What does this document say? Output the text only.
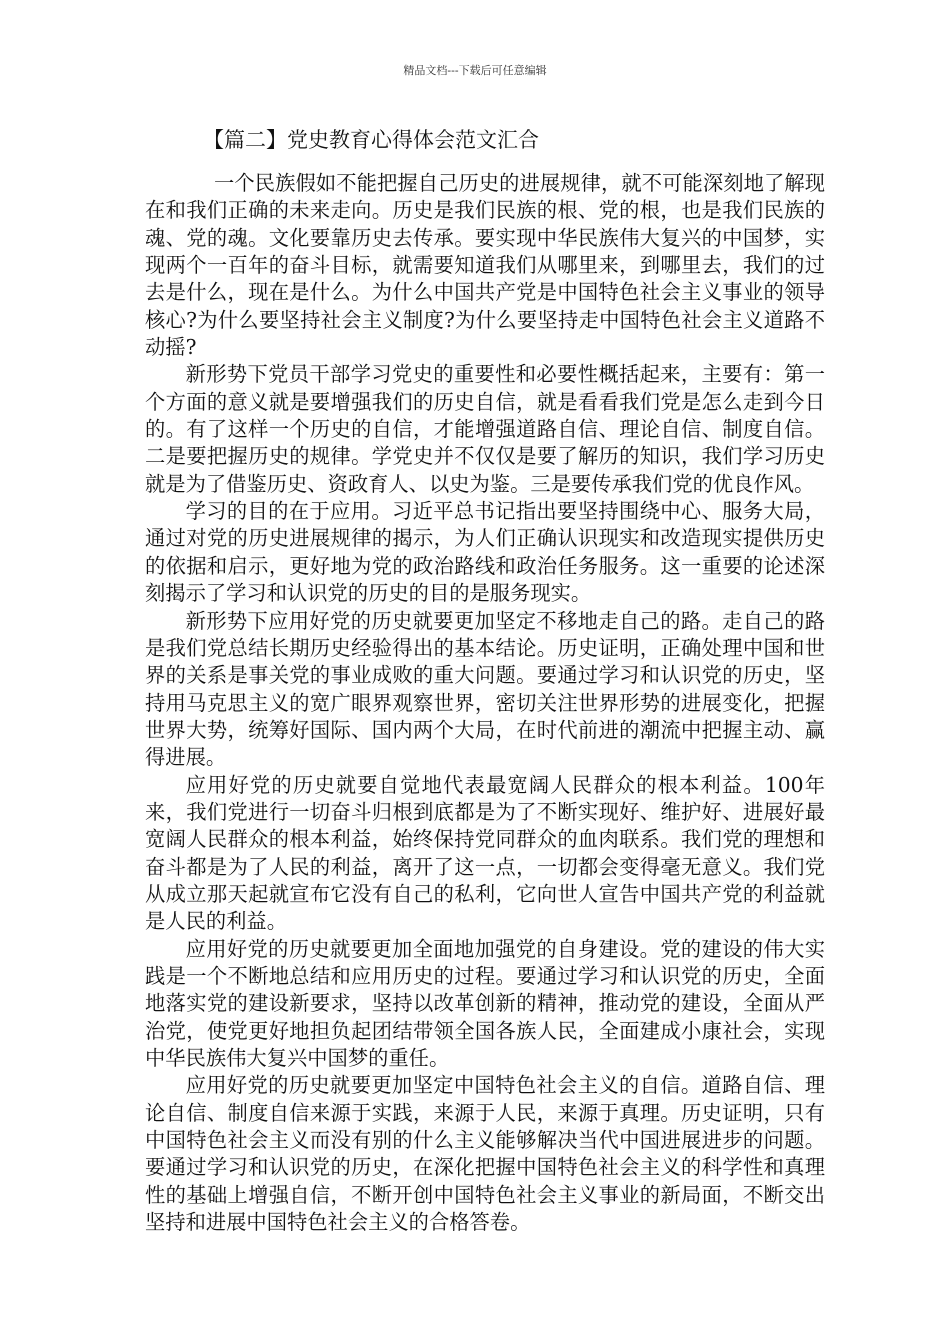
精品文档---下载后可任意编辑
【篇二】党史教育心得体会范文汇合

一个民族假如不能把握自己历史的进展规律，就不可能深刻地了解现在和我们正确的未来走向。历史是我们民族的根、党的根，也是我们民族的魂、党的魂。文化要靠历史去传承。要实现中华民族伟大复兴的中国梦，实现两个一百年的奋斗目标，就需要知道我们从哪里来，到哪里去，我们的过去是什么，现在是什么。为什么中国共产党是中国特色社会主义事业的领导核心?为什么要坚持社会主义制度?为什么要坚持走中国特色社会主义道路不动摇?

新形势下党员干部学习党史的重要性和必要性概括起来，主要有：第一个方面的意义就是要增强我们的历史自信，就是看看我们党是怎么走到今日的。有了这样一个历史的自信，才能增强道路自信、理论自信、制度自信。二是要把握历史的规律。学党史并不仅仅是要了解历的知识，我们学习历史就是为了借鉴历史、资政育人、以史为鉴。三是要传承我们党的优良作风。

学习的目的在于应用。习近平总书记指出要坚持围绕中心、服务大局，通过对党的历史进展规律的揭示，为人们正确认识现实和改造现实提供历史的依据和启示，更好地为党的政治路线和政治任务服务。这一重要的论述深刻揭示了学习和认识党的历史的目的是服务现实。

新形势下应用好党的历史就要更加坚定不移地走自己的路。走自己的路是我们党总结长期历史经验得出的基本结论。历史证明，正确处理中国和世界的关系是事关党的事业成败的重大问题。要通过学习和认识党的历史，坚持用马克思主义的宽广眼界观察世界，密切关注世界形势的进展变化，把握世界大势，统筹好国际、国内两个大局，在时代前进的潮流中把握主动、赢得进展。

应用好党的历史就要自觉地代表最宽阔人民群众的根本利益。100年来，我们党进行一切奋斗归根到底都是为了不断实现好、维护好、进展好最宽阔人民群众的根本利益，始终保持党同群众的血肉联系。我们党的理想和奋斗都是为了人民的利益，离开了这一点，一切都会变得毫无意义。我们党从成立那天起就宣布它没有自己的私利，它向世人宣告中国共产党的利益就是人民的利益。

应用好党的历史就要更加全面地加强党的自身建设。党的建设的伟大实践是一个不断地总结和应用历史的过程。要通过学习和认识党的历史，全面地落实党的建设新要求，坚持以改革创新的精神，推动党的建设，全面从严治党，使党更好地担负起团结带领全国各族人民，全面建成小康社会，实现中华民族伟大复兴中国梦的重任。

应用好党的历史就要更加坚定中国特色社会主义的自信。道路自信、理论自信、制度自信来源于实践，来源于人民，来源于真理。历史证明，只有中国特色社会主义而没有别的什么主义能够解决当代中国进展进步的问题。要通过学习和认识党的历史，在深化把握中国特色社会主义的科学性和真理性的基础上增强自信，不断开创中国特色社会主义事业的新局面，不断交出坚持和进展中国特色社会主义的合格答卷。
